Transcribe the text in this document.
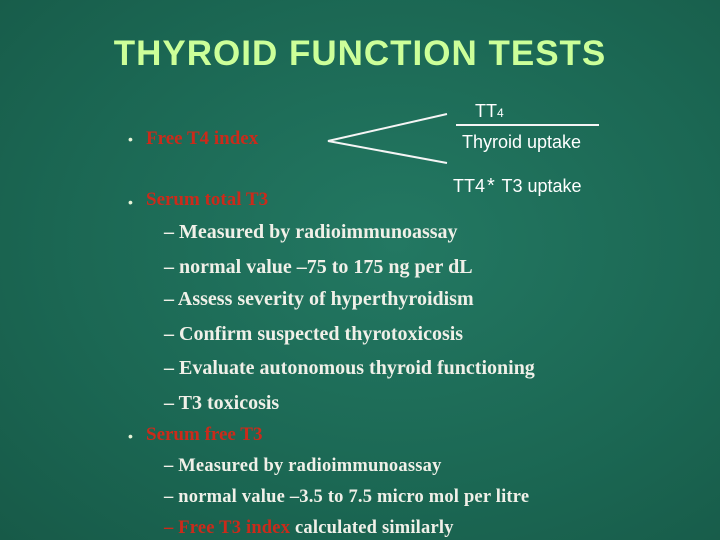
THYROID FUNCTION TESTS
• Free T4 index
TT4
Thyroid uptake
TT4 * T3 uptake
• Serum total T3
– Measured by radioimmunoassay
– normal value –75 to 175 ng per dL
– Assess severity of hyperthyroidism
– Confirm suspected thyrotoxicosis
– Evaluate autonomous thyroid functioning
– T3 toxicosis
• Serum free T3
– Measured by radioimmunoassay
– normal value –3.5 to 7.5 micro mol per litre
– Free T3 index calculated similarly
